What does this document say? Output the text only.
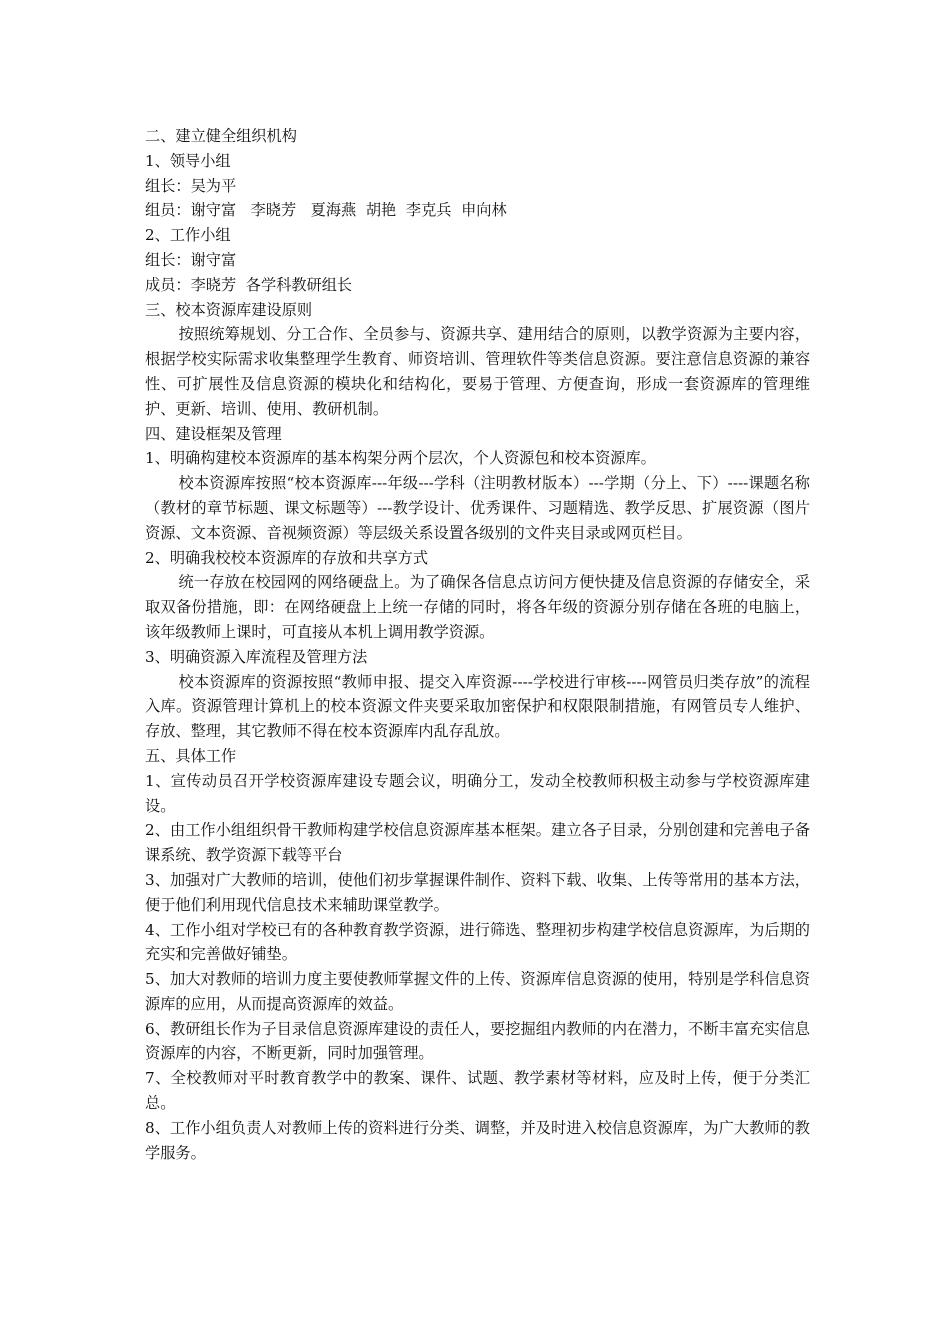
二、建立健全组织机构

1、领导小组

组长：吴为平

组员：谢守富   李晓芳   夏海燕  胡艳  李克兵  申向林

2、工作小组

组长：谢守富

成员：李晓芳  各学科教研组长

三、校本资源库建设原则

按照统筹规划、分工合作、全员参与、资源共享、建用结合的原则，以教学资源为主要内容，根据学校实际需求收集整理学生教育、师资培训、管理软件等类信息资源。要注意信息资源的兼容性、可扩展性及信息资源的模块化和结构化，要易于管理、方便查询，形成一套资源库的管理维护、更新、培训、使用、教研机制。

四、建设框架及管理

1、明确构建校本资源库的基本构架分两个层次，个人资源包和校本资源库。

校本资源库按照“校本资源库---年级---学科（注明教材版本）---学期（分上、下）----课题名称（教材的章节标题、课文标题等）---教学设计、优秀课件、习题精选、教学反思、扩展资源（图片资源、文本资源、音视频资源）等层级关系设置各级别的文件夹目录或网页栏目。

2、明确我校校本资源库的存放和共享方式

统一存放在校园网的网络硬盘上。为了确保各信息点访问方便快捷及信息资源的存储安全，采取双备份措施，即：在网络硬盘上上统一存储的同时，将各年级的资源分别存储在各班的电脑上，该年级教师上课时，可直接从本机上调用教学资源。

3、明确资源入库流程及管理方法

校本资源库的资源按照“教师申报、提交入库资源----学校进行审核----网管员归类存放”的流程入库。资源管理计算机上的校本资源文件夹要采取加密保护和权限限制措施，有网管员专人维护、存放、整理，其它教师不得在校本资源库内乱存乱放。

五、具体工作

1、宣传动员召开学校资源库建设专题会议，明确分工，发动全校教师积极主动参与学校资源库建设。

2、由工作小组组织骨干教师构建学校信息资源库基本框架。建立各子目录，分别创建和完善电子备课系统、教学资源下载等平台

3、加强对广大教师的培训，使他们初步掌握课件制作、资料下载、收集、上传等常用的基本方法，便于他们利用现代信息技术来辅助课堂教学。

4、工作小组对学校已有的各种教育教学资源，进行筛选、整理初步构建学校信息资源库，为后期的充实和完善做好铺垫。

5、加大对教师的培训力度主要使教师掌握文件的上传、资源库信息资源的使用，特别是学科信息资源库的应用，从而提高资源库的效益。

6、教研组长作为子目录信息资源库建设的责任人，要挖掘组内教师的内在潜力，不断丰富充实信息资源库的内容，不断更新，同时加强管理。

7、全校教师对平时教育教学中的教案、课件、试题、教学素材等材料，应及时上传，便于分类汇总。

8、工作小组负责人对教师上传的资料进行分类、调整，并及时进入校信息资源库，为广大教师的教学服务。
